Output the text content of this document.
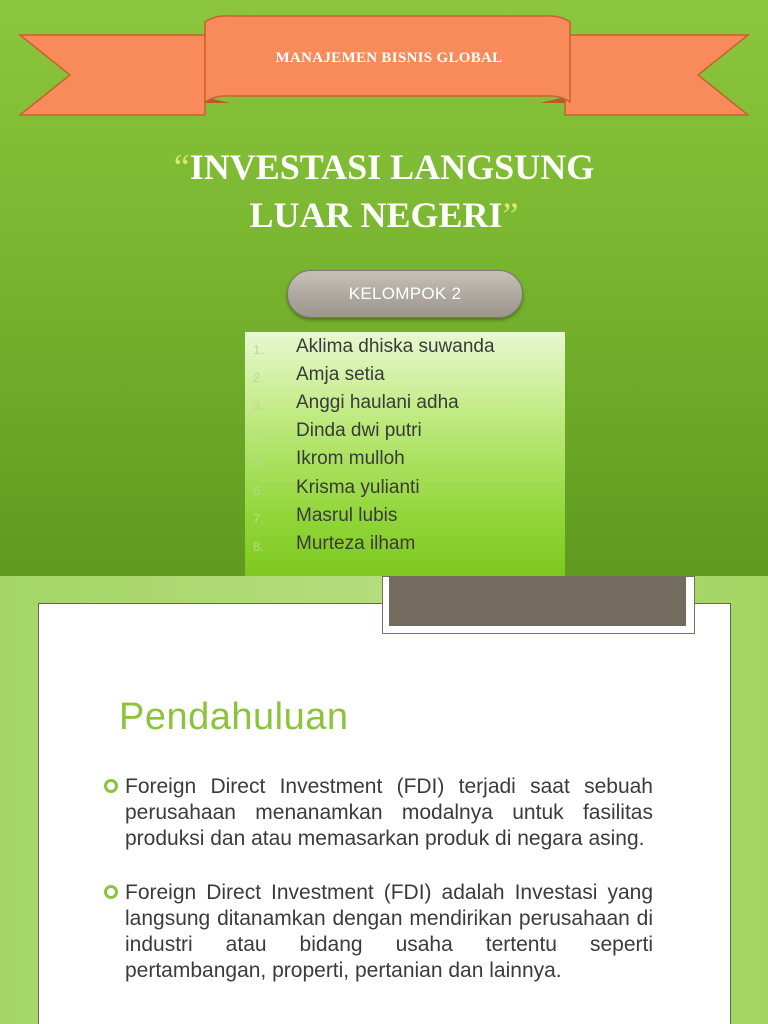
MANAJEMEN BISNIS GLOBAL
“INVESTASI LANGSUNG
LUAR NEGERI”
KELOMPOK 2
1. Aklima dhiska suwanda
2. Amja setia
3. Anggi haulani adha
4. Dinda dwi putri
5. Ikrom mulloh
6. Krisma yulianti
7. Masrul lubis
8. Murteza ilham
Pendahuluan
Foreign Direct Investment (FDI) terjadi saat sebuah perusahaan menanamkan modalnya untuk fasilitas produksi dan atau memasarkan produk di negara asing.
Foreign Direct Investment (FDI) adalah Investasi yang langsung ditanamkan dengan mendirikan perusahaan di industri atau bidang usaha tertentu seperti pertambangan, properti, pertanian dan lainnya.
